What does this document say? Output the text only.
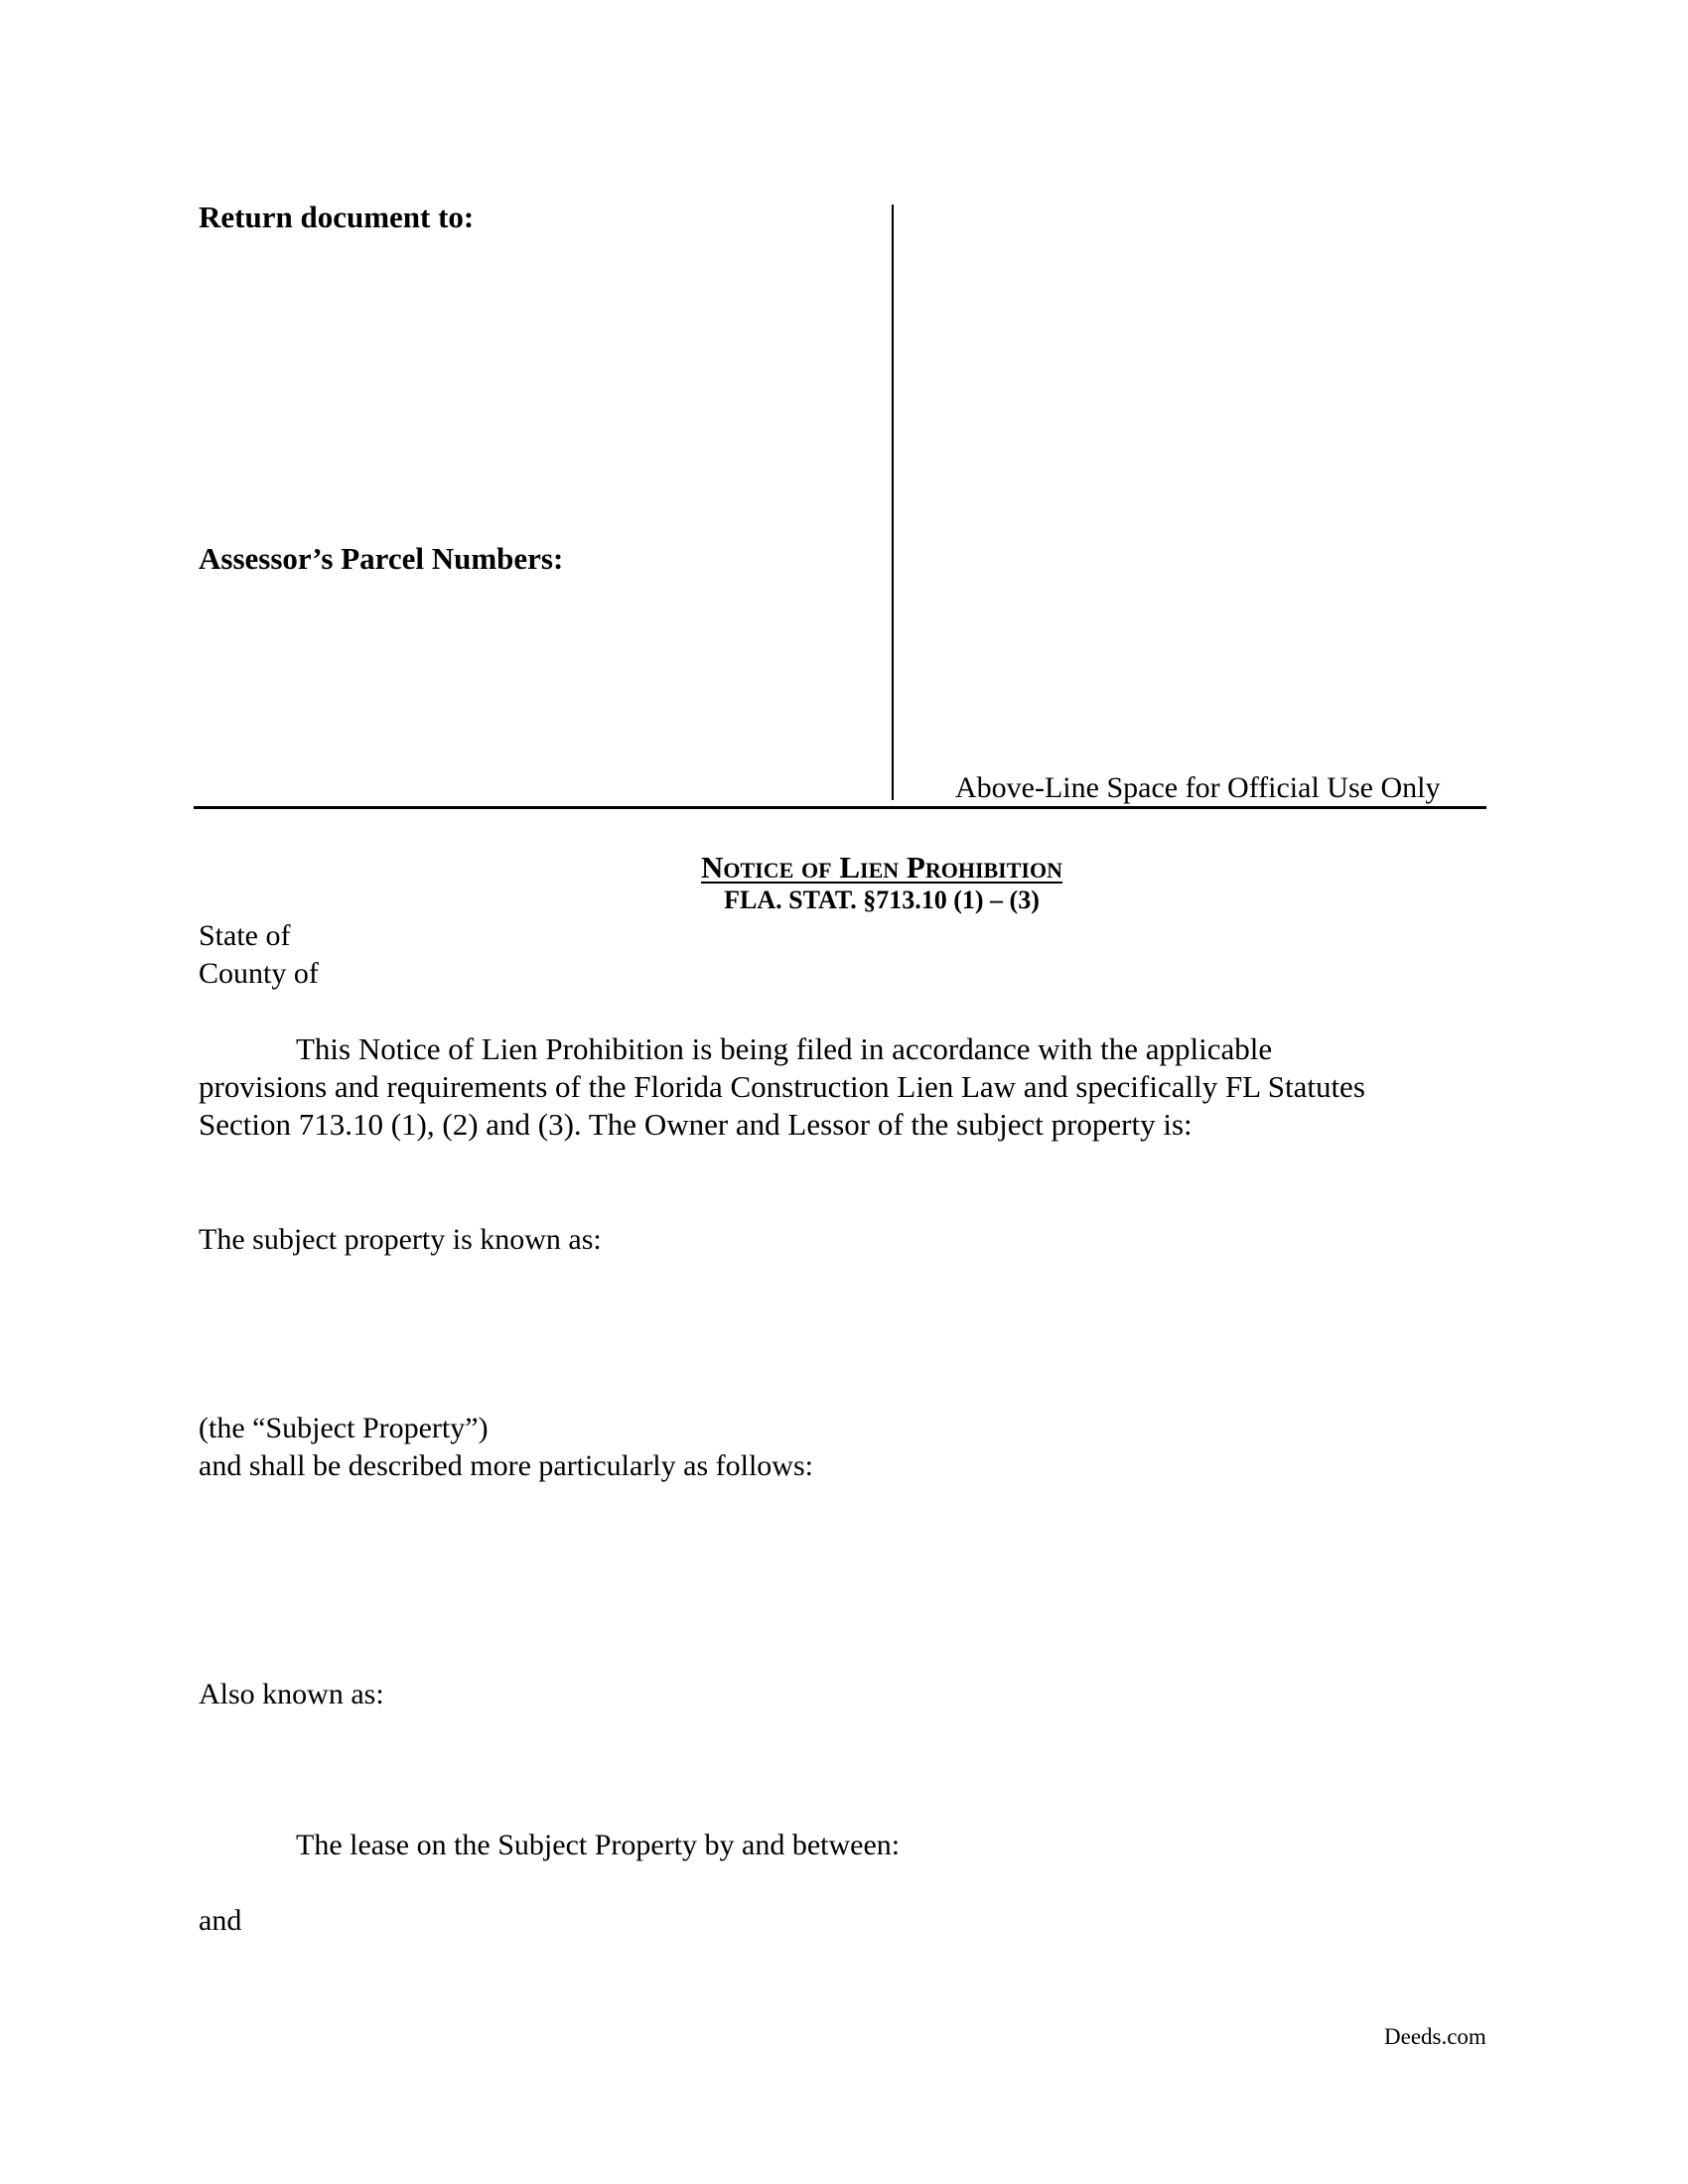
Return document to:
Assessor’s Parcel Numbers:
Above-Line Space for Official Use Only
Notice of Lien Prohibition
FLA. STAT. §713.10 (1) – (3)
State of
County of
This Notice of Lien Prohibition is being filed in accordance with the applicable
provisions and requirements of the Florida Construction Lien Law and specifically FL Statutes
Section 713.10 (1), (2) and (3). The Owner and Lessor of the subject property is:
The subject property is known as:
(the “Subject Property”)
and shall be described more particularly as follows:
Also known as:
The lease on the Subject Property by and between:
and
Deeds.com
